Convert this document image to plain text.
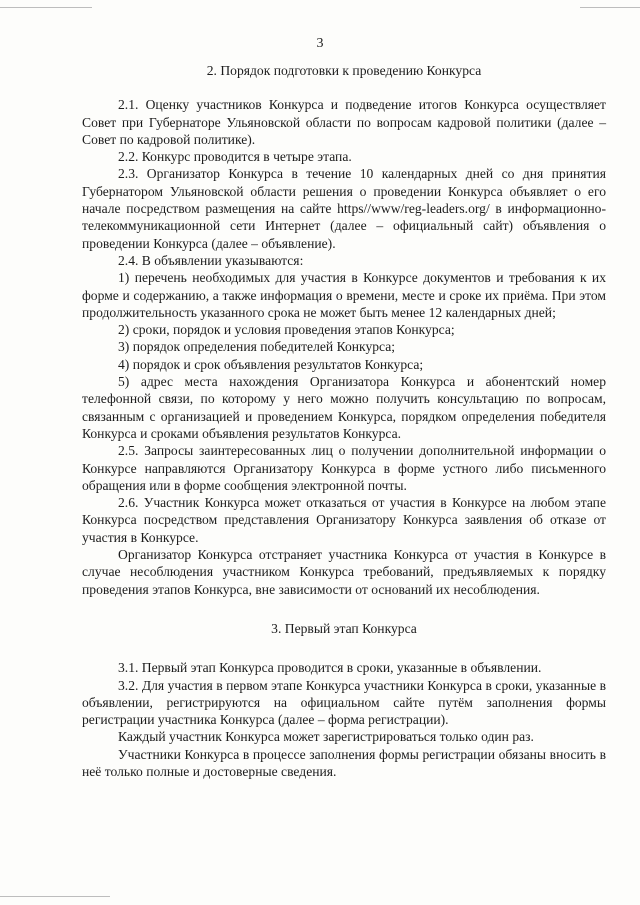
3

2. Порядок подготовки к проведению Конкурса

2.1. Оценку участников Конкурса и подведение итогов Конкурса осуществляет Совет при Губернаторе Ульяновской области по вопросам кадровой политики (далее – Совет по кадровой политике).

2.2. Конкурс проводится в четыре этапа.

2.3. Организатор Конкурса в течение 10 календарных дней со дня принятия Губернатором Ульяновской области решения о проведении Конкурса объявляет о его начале посредством размещения на сайте https//www/reg-leaders.org/ в информационно-телекоммуникационной сети Интернет (далее – официальный сайт) объявления о проведении Конкурса (далее – объявление).

2.4. В объявлении указываются:

1) перечень необходимых для участия в Конкурсе документов и требования к их форме и содержанию, а также информация о времени, месте и сроке их приёма. При этом продолжительность указанного срока не может быть менее 12 календарных дней;

2) сроки, порядок и условия проведения этапов Конкурса;

3) порядок определения победителей Конкурса;

4) порядок и срок объявления результатов Конкурса;

5) адрес места нахождения Организатора Конкурса и абонентский номер телефонной связи, по которому у него можно получить консультацию по вопросам, связанным с организацией и проведением Конкурса, порядком определения победителя Конкурса и сроками объявления результатов Конкурса.

2.5. Запросы заинтересованных лиц о получении дополнительной информации о Конкурсе направляются Организатору Конкурса в форме устного либо письменного обращения или в форме сообщения электронной почты.

2.6. Участник Конкурса может отказаться от участия в Конкурсе на любом этапе Конкурса посредством представления Организатору Конкурса заявления об отказе от участия в Конкурсе.

Организатор Конкурса отстраняет участника Конкурса от участия в Конкурсе в случае несоблюдения участником Конкурса требований, предъявляемых к порядку проведения этапов Конкурса, вне зависимости от оснований их несоблюдения.

3. Первый этап Конкурса

3.1. Первый этап Конкурса проводится в сроки, указанные в объявлении.

3.2. Для участия в первом этапе Конкурса участники Конкурса в сроки, указанные в объявлении, регистрируются на официальном сайте путём заполнения формы регистрации участника Конкурса (далее – форма регистрации).

Каждый участник Конкурса может зарегистрироваться только один раз.

Участники Конкурса в процессе заполнения формы регистрации обязаны вносить в неё только полные и достоверные сведения.
